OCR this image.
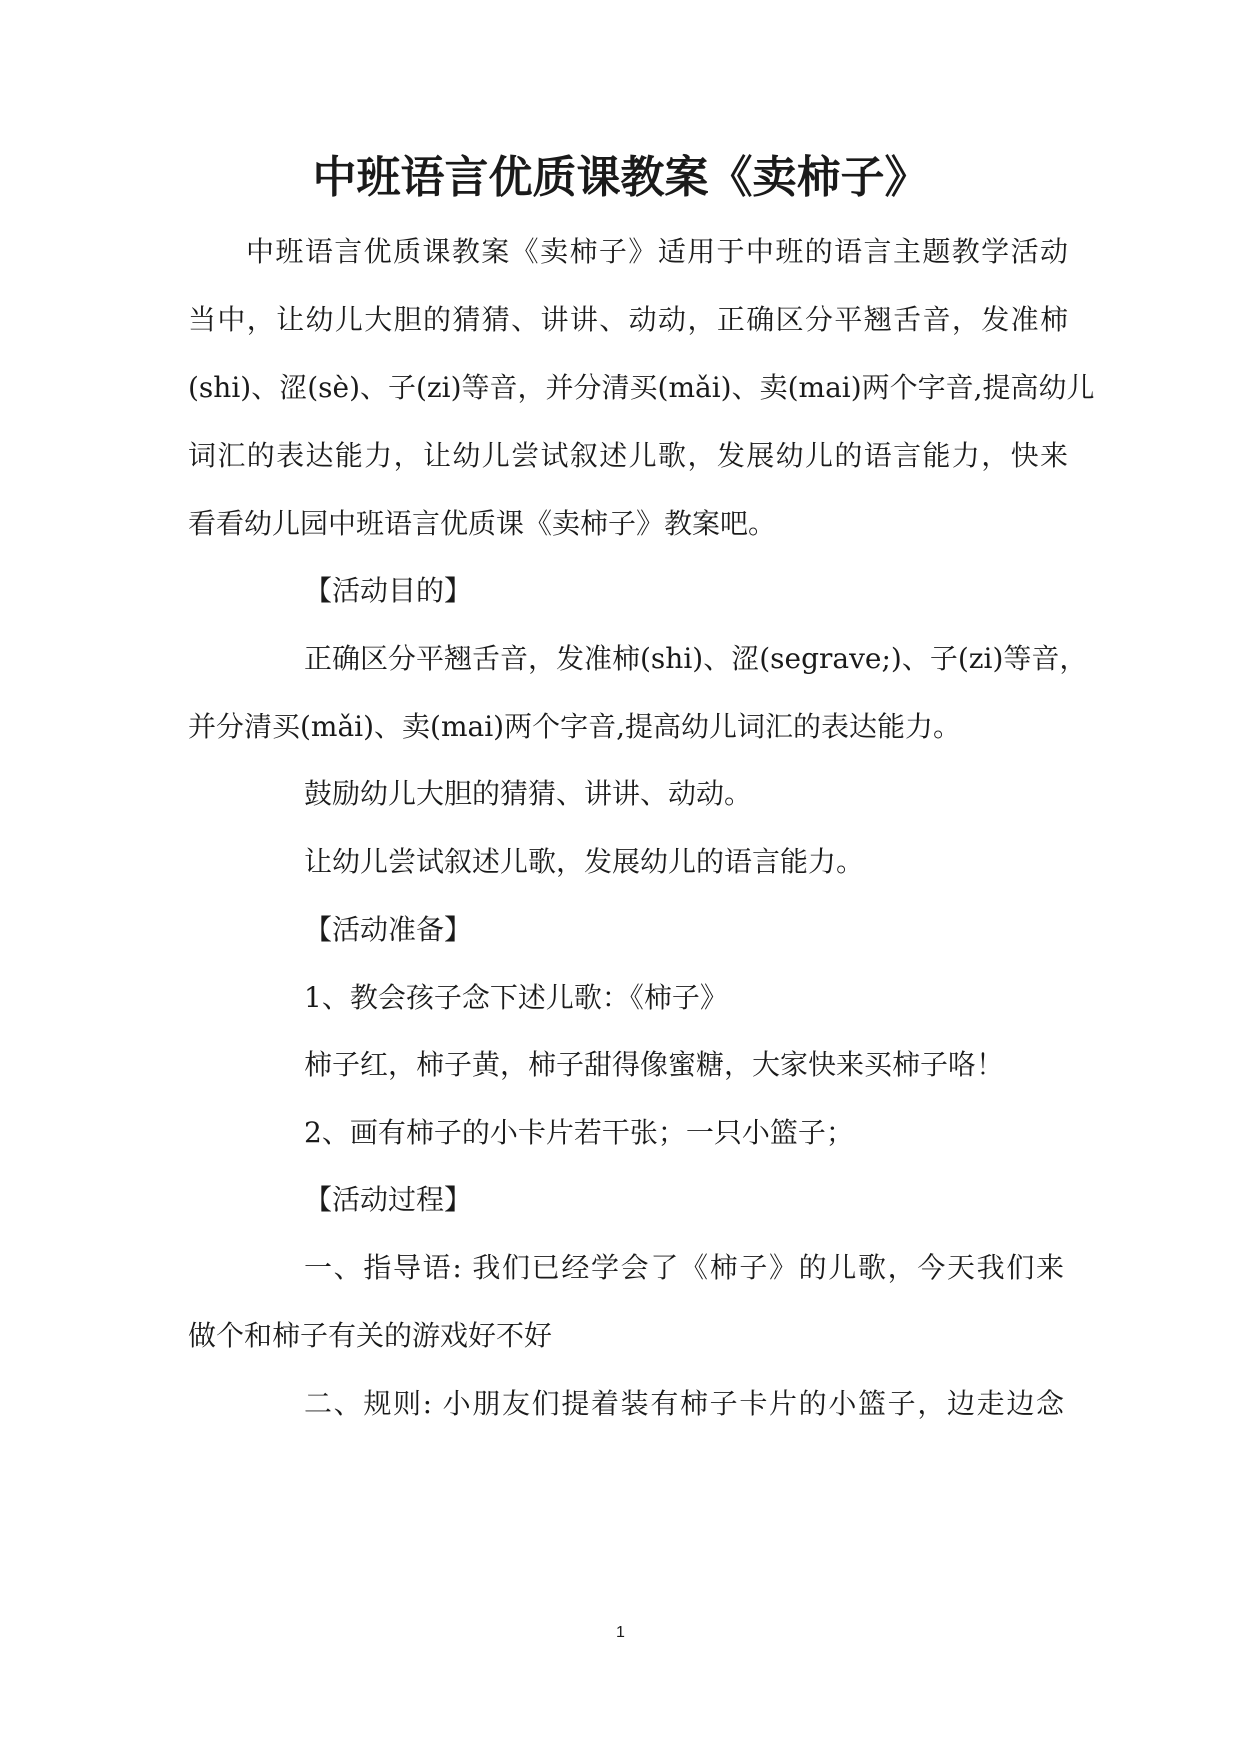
中班语言优质课教案《卖柿子》
中班语言优质课教案《卖柿子》适用于中班的语言主题教学活动
当中，让幼儿大胆的猜猜、讲讲、动动，正确区分平翘舌音，发准柿
(shi)、涩(sè)、子(zi)等音，并分清买(mǎi)、卖(mai)两个字音,提高幼儿
词汇的表达能力，让幼儿尝试叙述儿歌，发展幼儿的语言能力，快来
看看幼儿园中班语言优质课《卖柿子》教案吧。
【活动目的】
正确区分平翘舌音，发准柿(shi)、涩(segrave;)、子(zi)等音，
并分清买(mǎi)、卖(mai)两个字音,提高幼儿词汇的表达能力。
鼓励幼儿大胆的猜猜、讲讲、动动。
让幼儿尝试叙述儿歌，发展幼儿的语言能力。
【活动准备】
1、教会孩子念下述儿歌：《柿子》
柿子红，柿子黄，柿子甜得像蜜糖，大家快来买柿子咯！
2、画有柿子的小卡片若干张；一只小篮子；
【活动过程】
一、指导语: 我们已经学会了《柿子》的儿歌，今天我们来
做个和柿子有关的游戏好不好
二、规则: 小朋友们提着装有柿子卡片的小篮子，边走边念
1
